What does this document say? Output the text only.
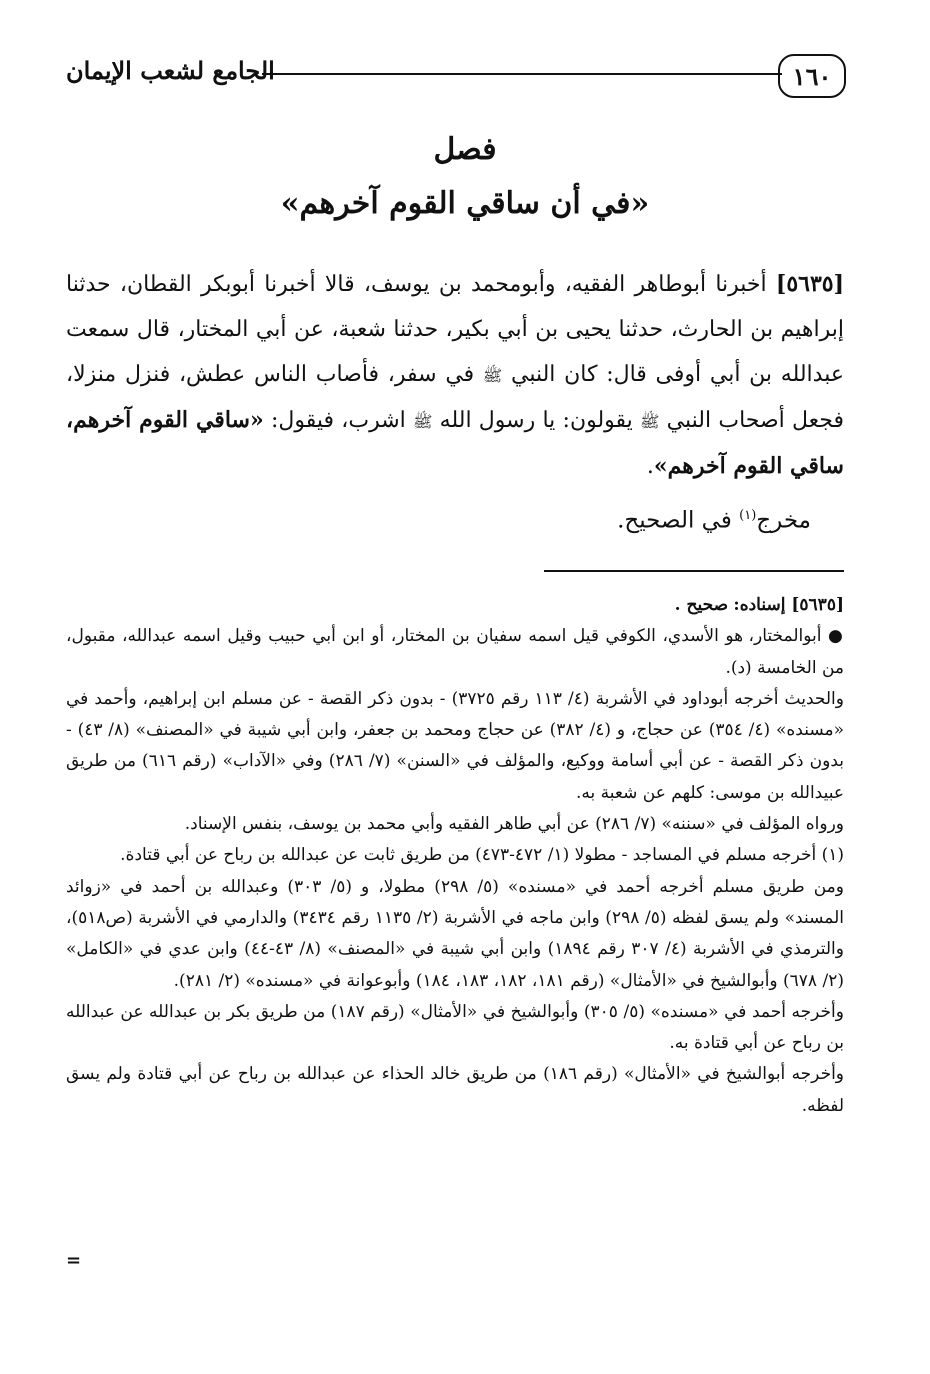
١٦٠
الجامع لشعب الإيمان
فصل
«في أن ساقي القوم آخرهم»

[٥٦٣٥] أخبرنا أبوطاهر الفقيه، وأبومحمد بن يوسف، قالا أخبرنا أبوبكر القطان، حدثنا إبراهيم بن الحارث، حدثنا يحيى بن أبي بكير، حدثنا شعبة، عن أبي المختار، قال سمعت عبدالله بن أبي أوفى قال: كان النبي ﷺ في سفر، فأصاب الناس عطش، فنزل منزلا، فجعل أصحاب النبي ﷺ يقولون: يا رسول الله ﷺ اشرب، فيقول: «ساقي القوم آخرهم، ساقي القوم آخرهم».

مخرج$^{(١)}$ في الصحيح.

[٥٦٣٥] إسناده: صحيح .

● أبوالمختار، هو الأسدي، الكوفي قيل اسمه سفيان بن المختار، أو ابن أبي حبيب وقيل اسمه عبدالله، مقبول، من الخامسة (د).

والحديث أخرجه أبوداود في الأشربة (٤/ ١١٣ رقم ٣٧٢٥) - بدون ذكر القصة - عن مسلم ابن إبراهيم، وأحمد في «مسنده» (٤/ ٣٥٤) عن حجاج، و (٤/ ٣٨٢) عن حجاج ومحمد بن جعفر، وابن أبي شيبة في «المصنف» (٨/ ٤٣) - بدون ذكر القصة - عن أبي أسامة ووكيع، والمؤلف في «السنن» (٧/ ٢٨٦) وفي «الآداب» (رقم ٦١٦) من طريق عبيدالله بن موسى: كلهم عن شعبة به.

ورواه المؤلف في «سننه» (٧/ ٢٨٦) عن أبي طاهر الفقيه وأبي محمد بن يوسف، بنفس الإسناد.

(١) أخرجه مسلم في المساجد - مطولا (١/ ٤٧٢-٤٧٣) من طريق ثابت عن عبدالله بن رباح عن أبي قتادة.

ومن طريق مسلم أخرجه أحمد في «مسنده» (٥/ ٢٩٨) مطولا، و (٥/ ٣٠٣) وعبدالله بن أحمد في «زوائد المسند» ولم يسق لفظه (٥/ ٢٩٨) وابن ماجه في الأشربة (٢/ ١١٣٥ رقم ٣٤٣٤) والدارمي في الأشربة (ص٥١٨)، والترمذي في الأشربة (٤/ ٣٠٧ رقم ١٨٩٤) وابن أبي شيبة في «المصنف» (٨/ ٤٣-٤٤) وابن عدي في «الكامل» (٢/ ٦٧٨) وأبوالشيخ في «الأمثال» (رقم ١٨١، ١٨٢، ١٨٣، ١٨٤) وأبوعوانة في «مسنده» (٢/ ٢٨١).

وأخرجه أحمد في «مسنده» (٥/ ٣٠٥) وأبوالشيخ في «الأمثال» (رقم ١٨٧) من طريق بكر بن عبدالله عن عبدالله بن رباح عن أبي قتادة به.

وأخرجه أبوالشيخ في «الأمثال» (رقم ١٨٦) من طريق خالد الحذاء عن عبدالله بن رباح عن أبي قتادة ولم يسق لفظه.

=
